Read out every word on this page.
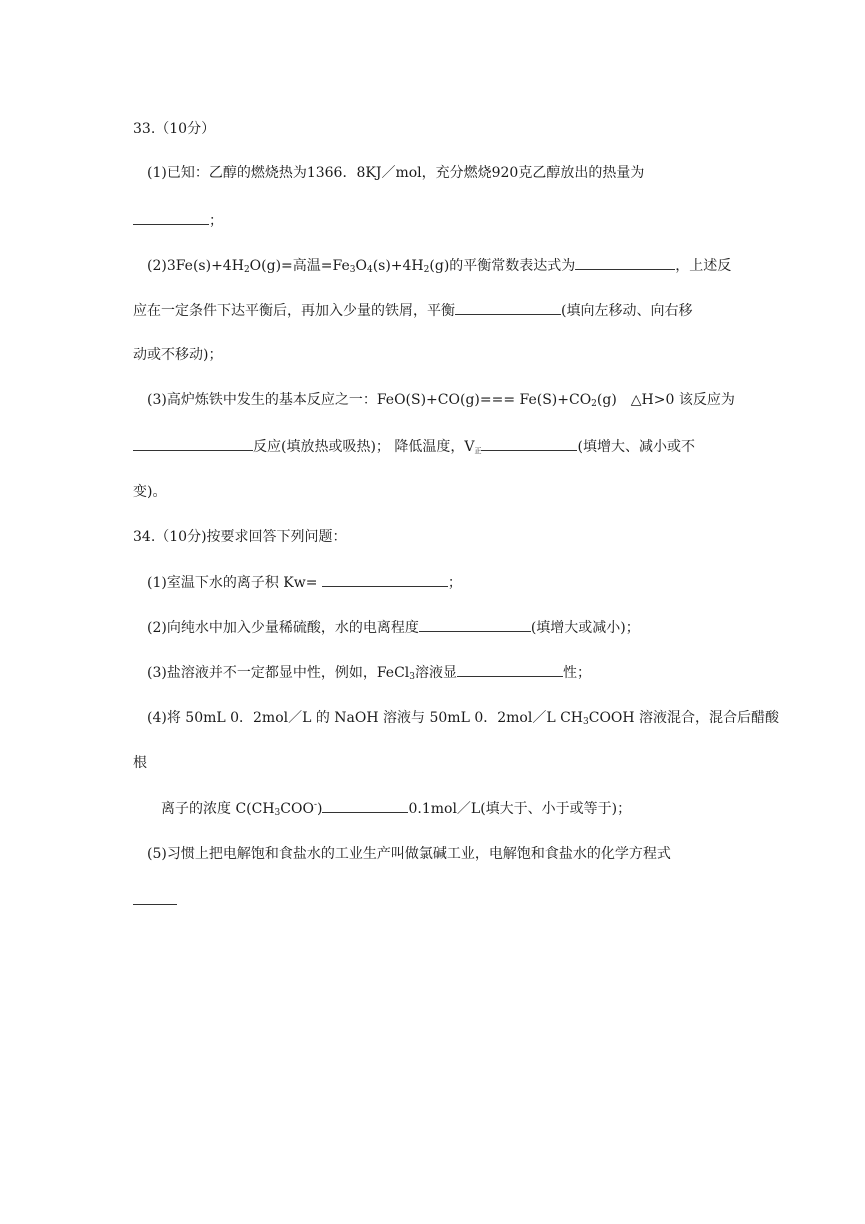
33.（10分）
(1)已知：乙醇的燃烧热为1366．8KJ／mol，充分燃烧920克乙醇放出的热量为
；
$(2)3Fe(s)+4H_2O(g)=$高温$=Fe_3O_4(s)+4H_2(g)$的平衡常数表达式为	，上述反
应在一定条件下达平衡后，再加入少量的铁屑，平衡	(填向左移动、向右移
动或不移动)；
(3)高炉炼铁中发生的基本反应之一：$FeO(S)+CO(g)=== Fe(S)+CO_2(g)$　△H>0 该反应为
反应(填放热或吸热)； 降低温度，$V_正$	(填增大、减小或不
变)。
34.（10分)按要求回答下列问题：
(1)室温下水的离子积 Kw=	；
(2)向纯水中加入少量稀硫酸，水的电离程度	(填增大或减小)；
(3)盐溶液并不一定都显中性，例如，FeCl$_3$溶液显	性；
(4)将 50mL 0．2mol／L 的 NaOH 溶液与 50mL 0．2mol／L $CH_3COOH$ 溶液混合，混合后醋酸
根
离子的浓度 $C(CH_3COO^-)$	0.1mol／L(填大于、小于或等于)；
(5)习惯上把电解饱和食盐水的工业生产叫做氯碱工业，电解饱和食盐水的化学方程式
